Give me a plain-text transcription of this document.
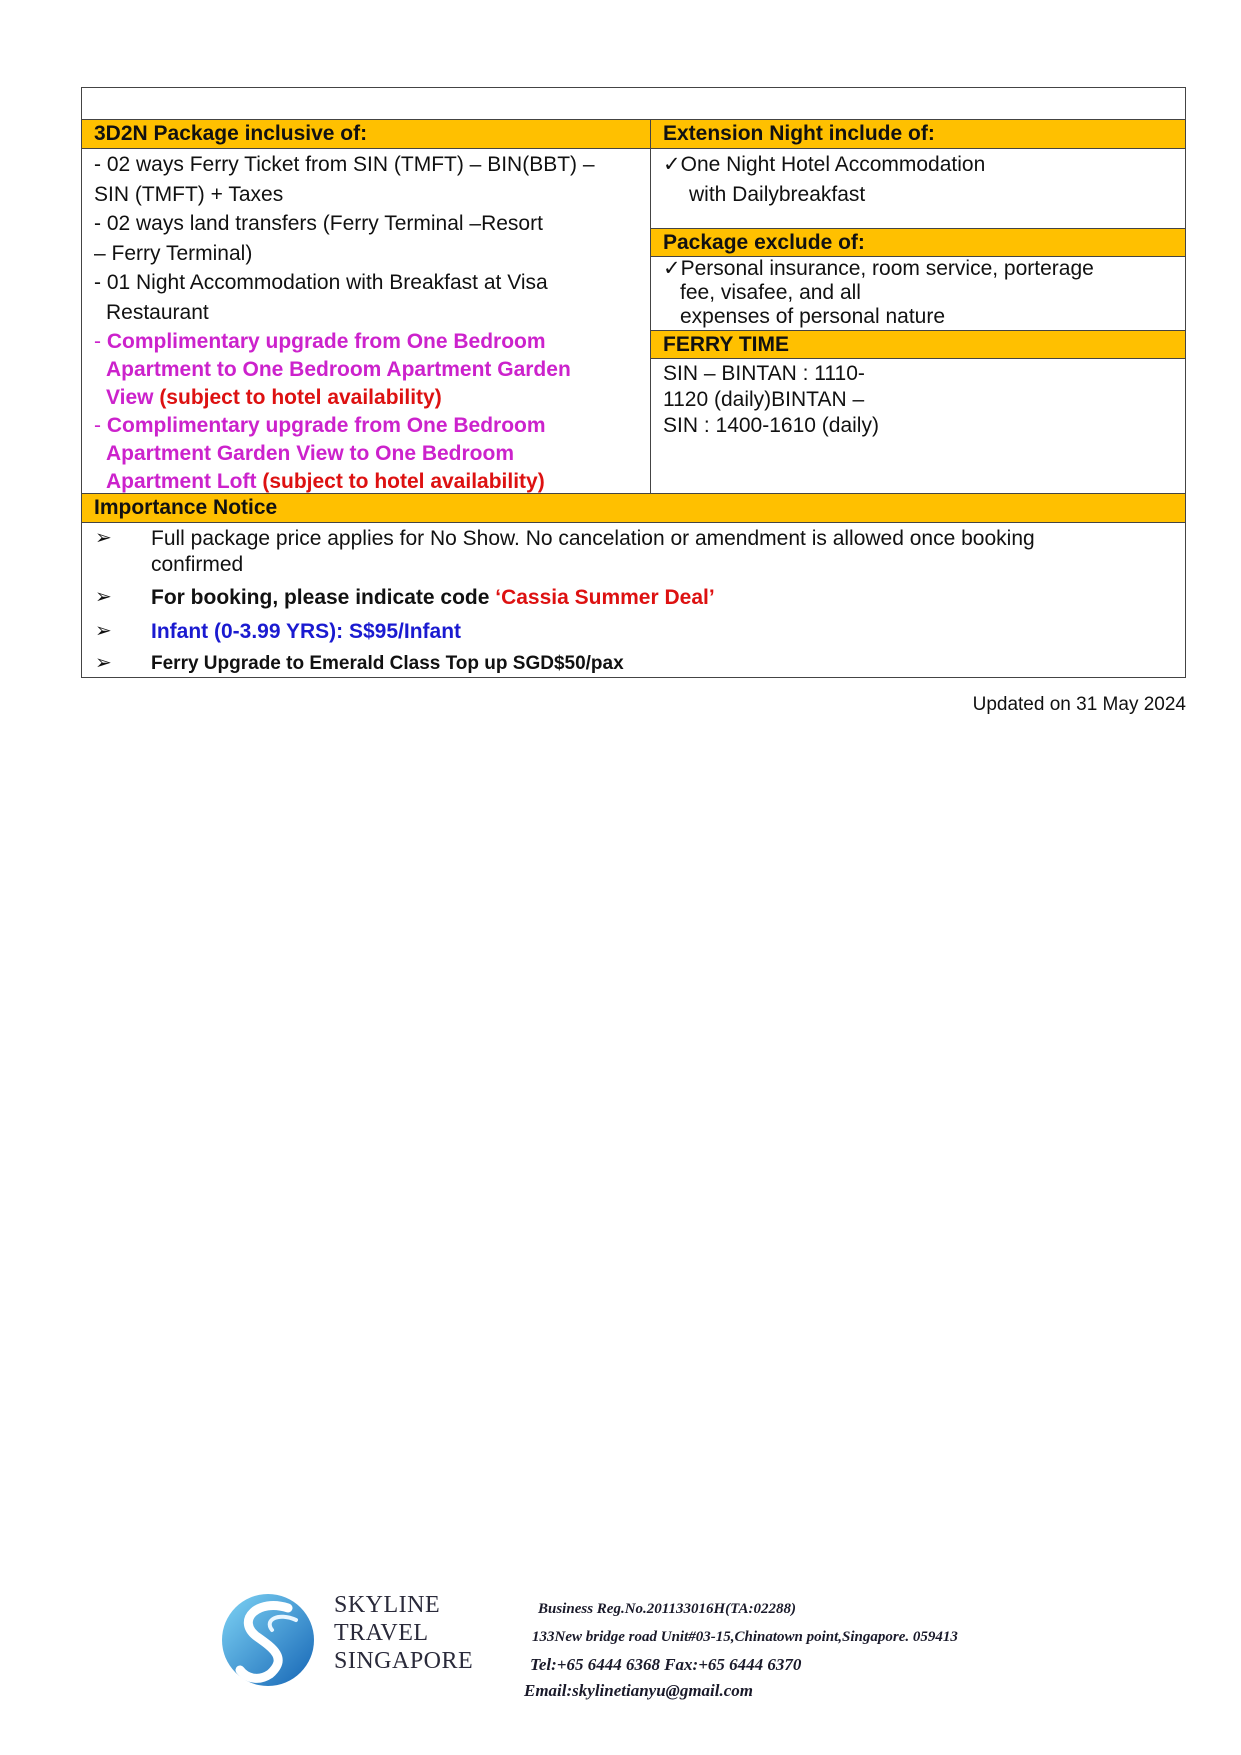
3D2N Package inclusive of:	Extension Night include of:
Package exclude of:
FERRY TIME
Importance Notice
- 02 ways Ferry Ticket from SIN (TMFT) – BIN(BBT) –
SIN (TMFT) + Taxes
- 02 ways land transfers (Ferry Terminal –Resort
– Ferry Terminal)
- 01 Night Accommodation with Breakfast at Visa
Restaurant
- Complimentary upgrade from One Bedroom
Apartment to One Bedroom Apartment Garden
View (subject to hotel availability)
- Complimentary upgrade from One Bedroom
Apartment Garden View to One Bedroom
Apartment Loft (subject to hotel availability)
✓One Night Hotel Accommodation
with Dailybreakfast
✓Personal insurance, room service, porterage
fee, visafee, and all
expenses of personal nature
SIN – BINTAN : 1110-
1120 (daily)BINTAN –
SIN : 1400-1610 (daily)
➢ Full package price applies for No Show. No cancelation or amendment is allowed once booking
confirmed
➢ For booking, please indicate code ‘Cassia Summer Deal’
➢ Infant (0-3.99 YRS): S$95/Infant
➢ Ferry Upgrade to Emerald Class Top up SGD$50/pax
Updated on 31 May 2024
SKYLINE
TRAVEL
SINGAPORE
Business Reg.No.201133016H(TA:02288)
133New bridge road Unit#03-15,Chinatown point,Singapore. 059413
Tel:+65 6444 6368 Fax:+65 6444 6370
Email:skylinetianyu@gmail.com
